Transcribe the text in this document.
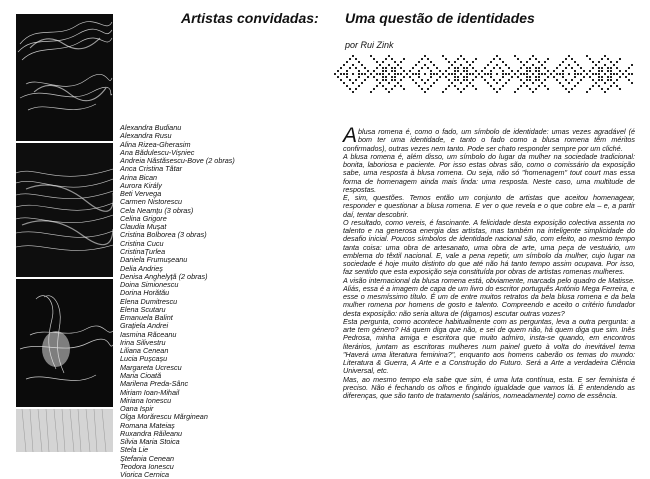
Artistas convidadas:
Alexandra Budianu
Alexandra Rusu
Alina Rizea-Gherasim
Ana Bădulescu-Vișniec
Andreia Năstăsescu-Bove (2 obras)
Anca Cristina Tătar
Arina Bican
Aurora Király
Beti Vervega
Carmen Nistorescu
Cela Neamțu (3 obras)
Celina Grigore
Claudia Mușat
Cristina Bolborea (3 obras)
Cristina Cucu
CristinaȚurlea
Daniela Frumușeanu
Delia Andrieș
Denisa Anghelуță (2 obras)
Doina Simionescu
Dorina Horătău
Elena Dumitrescu
Elena Scutaru
Emanuela Balint
Grațiela Andrei
Iasmina Răceanu
Irina Silivestru
Liliana Cenean
Lucia Pușcașu
Margareta Ucrescu
Maria Cioată
Marilena Preda-Sânc
Miriam Ioan-Mihail
Miriana Ionescu
Oana Ispir
Olga Morărescu Mărginean
Romana Mateiaș
Ruxandra Răileanu
Silvia Maria Stoica
Stela Lie
Ștefania Cenean
Teodora Ionescu
Viorica Cernica
Uma questão de identidades
por Rui Zink

Ablusa romena é, como o fado, um símbolo de identidade: umas vezes agradável (é bom ter uma identidade, e tanto o fado como a blusa romena têm méritos confirmados), outras vezes nem tanto. Pode ser chato responder sempre por um cliché.

A blusa romena é, além disso, um símbolo do lugar da mulher na sociedade tradicional: bonita, laboriosa e paciente. Por isso estas obras são, como o comissário da exposição sabe, uma resposta à blusa romena. Ou seja, não só "homenagem" tout court mas essa forma de homenagem ainda mais linda: uma resposta. Neste caso, uma multitude de respostas.

E, sim, questões. Temos então um conjunto de artistas que aceitou homenagear, responder e questionar a blusa romena. E ver o que revela e o que cobre ela – e, a partir daí, tentar descobrir.

O resultado, como vereis, é fascinante. A felicidade desta exposição colectiva assenta no talento e na generosa energia das artistas, mas também na inteligente simplicidade do desafio inicial. Poucos símbolos de identidade nacional são, com efeito, ao mesmo tempo tanta coisa: uma obra de artesanato, uma obra de arte, uma peça de vestuário, um emblema do têxtil nacional. E, vale a pena repetir, um símbolo da mulher, cujo lugar na sociedade é hoje muito distinto do que até não há tanto tempo assim ocupava. Por isso, faz sentido que esta exposição seja constituída por obras de artistas romenas mulheres.

A visão internacional da blusa romena está, obviamente, marcada pelo quadro de Matisse. Aliás, essa é a imagem de capa de um livro do escritor português António Mega Ferreira, e esse o mesmíssimo título. É um de entre muitos retratos da bela blusa romena e da bela mulher romena por homens de gosto e talento. Compreendo e aceito o critério fundador desta exposição: não seria altura de (digamos) escutar outras vozes?

Esta pergunta, como acontece habitualmente com as perguntas, leva a outra pergunta: a arte tem género? Há quem diga que não, e sei de quem não, há quem diga que sim. Inês Pedrosa, minha amiga e escritora que muito admiro, insta-se quando, em encontros literários, juntam as escritoras mulheres num painel gueto à volta do inevitável tema "Haverá uma literatura feminina?", enquanto aos homens caberão os temas do mundo: Literatura & Guerra, A Arte e a Construção do Futuro. Será a Arte a verdadeira Ciência Universal, etc.

Mas, ao mesmo tempo ela sabe que sim, é uma luta contínua, esta. E ser feminista é preciso. Não é fechando os olhos e fingindo igualdade que vamos lá. É entendendo as diferenças, que são tanto de tratamento (salários, nomeadamente) como de essência.
